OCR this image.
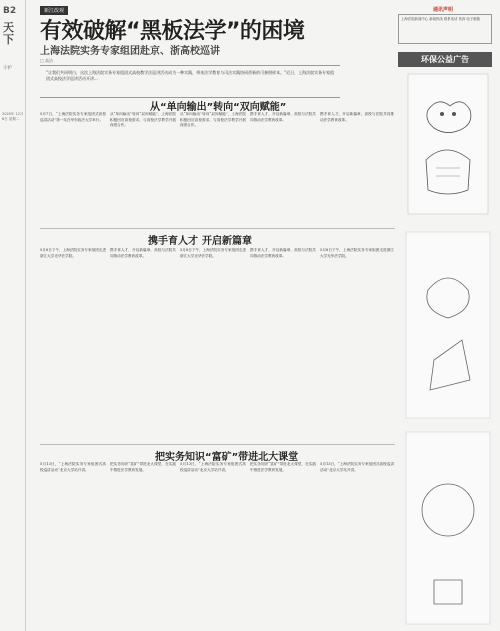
B2
天下
守护
2020年 12月8日 星期二
新江改观
有效破解“黑板法学”的困境
上海法院实务专家组团赴京、浙高校巡讲
□ 高洁
“让我们共同明白，这次上海法院实务专家组团式高校教学法巡讲活动成为一种实践，带来法学教育与司法实践协同侨新的可参照样本。”近日，上海法院实务专家组团式高校法学巡讲活动开讲...
通讯声明
上海法院新闻中心 新闻热线 联系电话 传真 电子邮箱
环保公益广告
从“单向输出”转向“双向赋能”
携手育人才 开启新篇章
把实务知识“富矿”带进北大课堂
5月7日，“上海法院实务专家组团式高校巡讲活动”第一站在华东政法大学举行。
从“单向输出”转向“双向赋能”，上海法院积极回应高校需求，与高校法学教学开展深度合作。
从“单向输出”转向“双向赋能”，上海法院积极回应高校需求，与高校法学教学开展深度合作。
携手育人才，开启新篇章，高校与法院共同推动法学教育改革。
携手育人才，开启新篇章，高校与法院共同推动法学教育改革。
5月8日下午，上海法院实务专家组团走进浙江大学光华法学院。
携手育人才，开启新篇章，高校与法院共同推动法学教育改革。
5月8日下午，上海法院实务专家组团走进浙江大学光华法学院。
携手育人才，开启新篇章，高校与法院共同推动法学教育改革。
5月8日下午，上海法院实务专家组团走进浙江大学光华法学院。
5月13日，“上海法院实务专家组团式高校巡讲活动”北京大学站开讲。
把实务知识“富矿”带进北大课堂，在实践中推进法学教育发展。
5月13日，“上海法院实务专家组团式高校巡讲活动”北京大学站开讲。
把实务知识“富矿”带进北大课堂，在实践中推进法学教育发展。
5月13日，“上海法院实务专家组团式高校巡讲活动”北京大学站开讲。
